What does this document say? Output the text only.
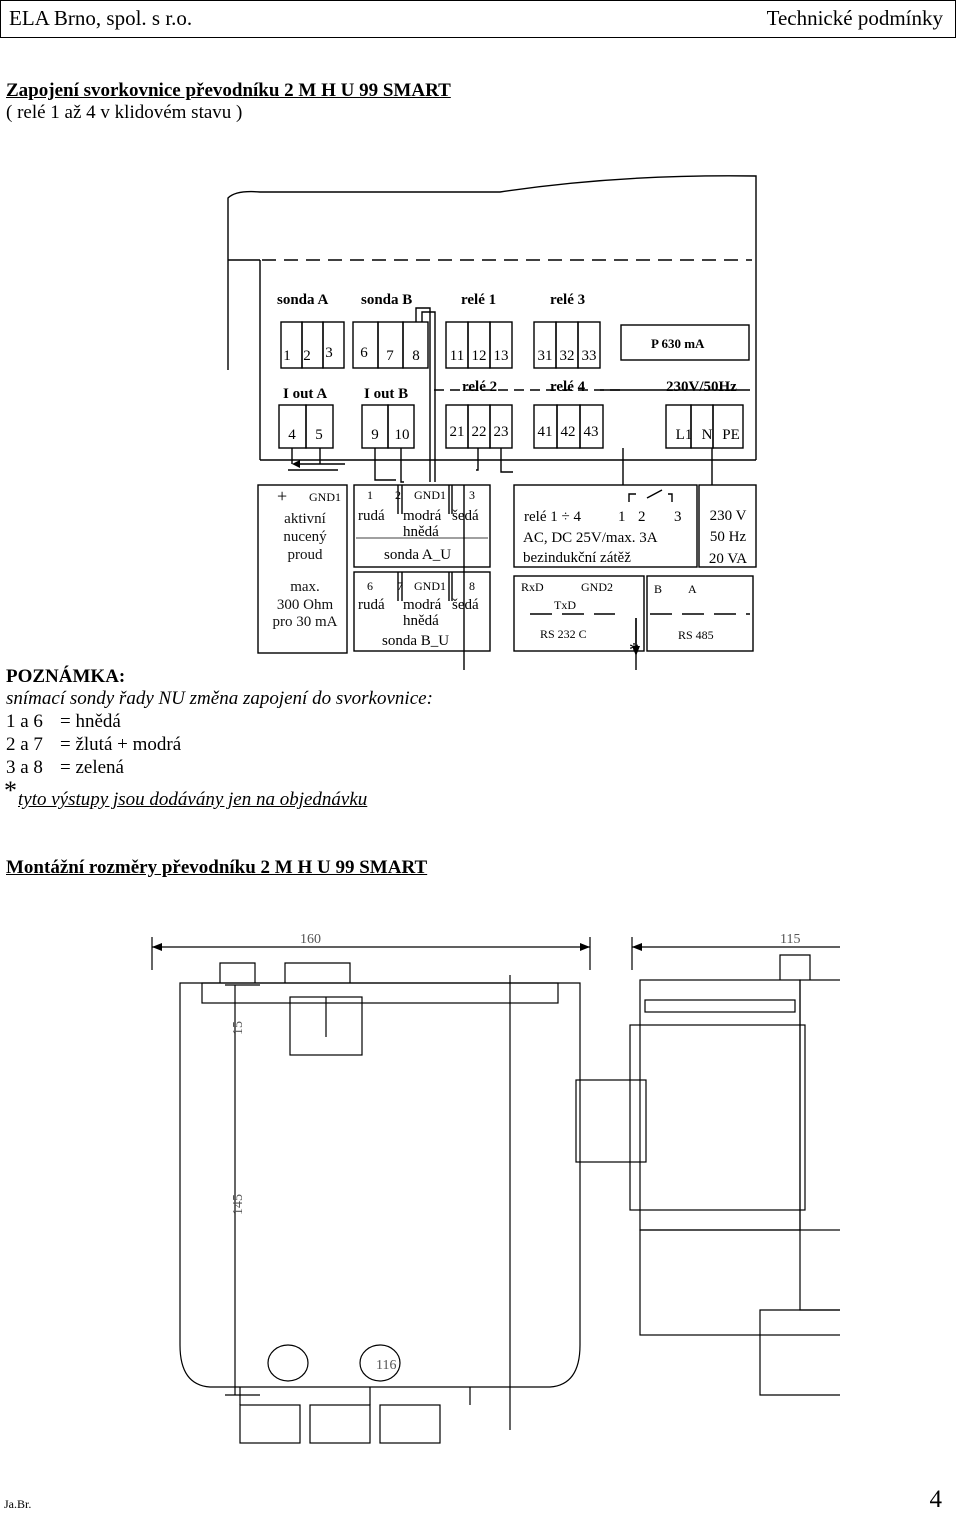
ELA Brno, spol. s r.o.	Technické podmínky
Zapojení svorkovnice převodníku 2 M H U 99 SMART
( relé 1 až 4 v klidovém stavu )
sonda A sonda B	relé 1	relé 3
relé 2	relé 4
P 630 mA
230V/50Hz
I out A I out B
1 2 3 6 7 8 11 12 13 31 32 33
4 5	9 10	21 22 23 41 42 43	L1 N PE
+ GND1
aktivní
nucený
proud
max.
300 Ohm
pro 30 mA
1 2 GND1 3
rudá modrá šedá
hnědá
sonda A_U
6 7 GND1 8
rudá modrá šedá
hnědá
sonda B_U
relé 1 ÷ 4 1 2 3
AC, DC 25V/max. 3A
bezindukční zátěž
230 V
50 Hz
20 VA
RxD	GND2
TxD
RS 232 C
B A
RS 485
*
POZNÁMKA:
snímací sondy řady NU změna zapojení do svorkovnice:
1 a 6 = hnědá
2 a 7 = žlutá + modrá
3 a 8 = zelená
* tyto výstupy jsou dodávány jen na objednávku
Montážní rozměry převodníku 2 M H U 99 SMART
160	115
15
145
116
Ja.Br.	4
